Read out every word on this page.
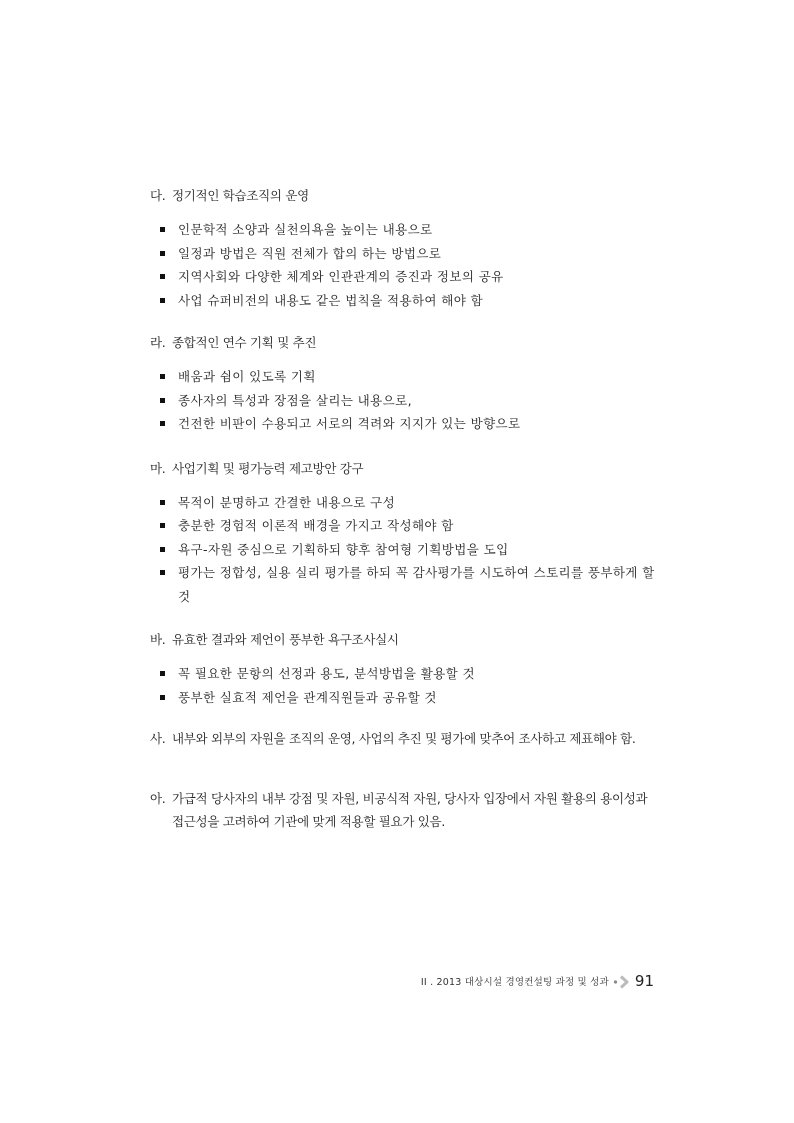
다. 정기적인 학습조직의 운영
인문학적 소양과 실천의욕을 높이는 내용으로
일정과 방법은 직원 전체가 합의 하는 방법으로
지역사회와 다양한 체계와 인관관계의 증진과 정보의 공유
사업 슈퍼비전의 내용도 같은 법칙을 적용하여 해야 함
라. 종합적인 연수 기획 및 추진
배움과 쉼이 있도록 기획
종사자의 특성과 장점을 살리는 내용으로,
건전한 비판이 수용되고 서로의 격려와 지지가 있는 방향으로
마. 사업기획 및 평가능력 제고방안 강구
목적이 분명하고 간결한 내용으로 구성
충분한 경험적 이론적 배경을 가지고 작성해야 함
욕구-자원 중심으로 기획하되 향후 참여형 기획방법을 도입
평가는 정합성, 실용 실리 평가를 하되 꼭 감사평가를 시도하여 스토리를 풍부하게 할 것
바. 유효한 결과와 제언이 풍부한 욕구조사실시
꼭 필요한 문항의 선정과 용도, 분석방법을 활용할 것
풍부한 실효적 제언을 관계직원들과 공유할 것

사. 내부와 외부의 자원을 조직의 운영, 사업의 추진 및 평가에 맞추어 조사하고 제표해야 함.

아. 가급적 당사자의 내부 강점 및 자원, 비공식적 자원, 당사자 입장에서 자원 활용의 용이성과
접근성을 고려하여 기관에 맞게 적용할 필요가 있음.

II . 2013 대상시설 경영컨설팅 과정 및 성과 91
